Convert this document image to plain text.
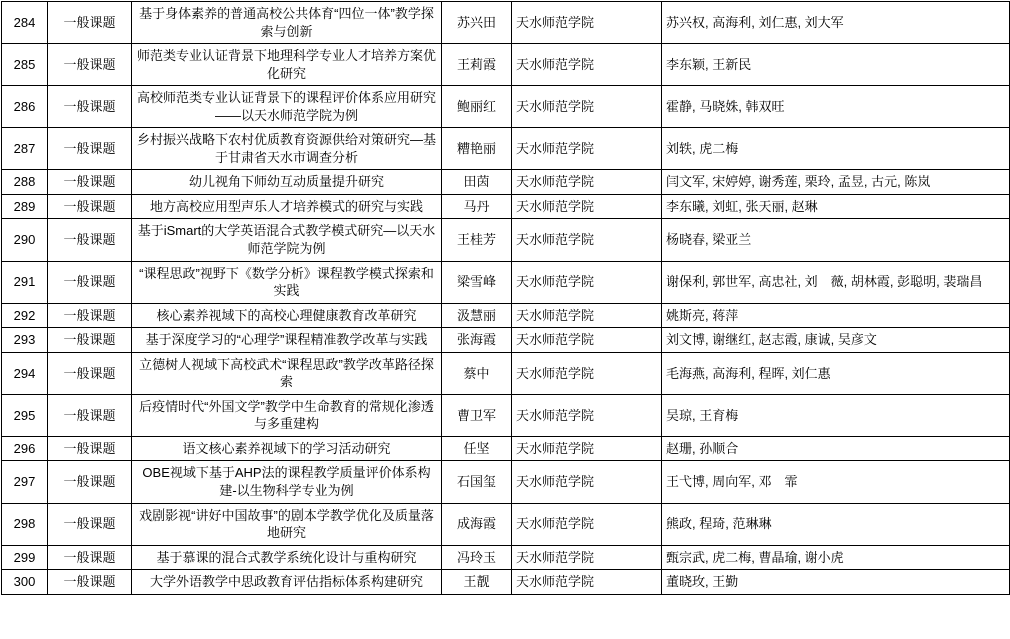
284	一般课题	基于身体素养的普通高校公共体育“四位一体”教学探索与创新	苏兴田	天水师范学院	苏兴权, 高海利, 刘仁惠, 刘大军
285	一般课题	师范类专业认证背景下地理科学专业人才培养方案优化研究	王莉霞	天水师范学院	李东颖, 王新民
286	一般课题	高校师范类专业认证背景下的课程评价体系应用研究——以天水师范学院为例	鲍丽红	天水师范学院	霍静, 马晓姝, 韩双旺
287	一般课题	乡村振兴战略下农村优质教育资源供给对策研究—基于甘肃省天水市调查分析	糟艳丽	天水师范学院	刘轶, 虎二梅
288	一般课题	幼儿视角下师幼互动质量提升研究	田茵	天水师范学院	闫文军, 宋婷婷, 谢秀莲, 栗玲, 孟昱, 古元, 陈岚
289	一般课题	地方高校应用型声乐人才培养模式的研究与实践	马丹	天水师范学院	李东曦, 刘虹, 张天丽, 赵琳
290	一般课题	基于iSmart的大学英语混合式教学模式研究—以天水师范学院为例	王桂芳	天水师范学院	杨晓春, 梁亚兰
291	一般课题	“课程思政”视野下《数学分析》课程教学模式探索和实践	梁雪峰	天水师范学院	谢保利, 郭世军, 高忠社, 刘　薇, 胡林霞, 彭聪明, 裴瑞昌
292	一般课题	核心素养视域下的高校心理健康教育改革研究	汲慧丽	天水师范学院	姚斯亮, 蒋萍
293	一般课题	基于深度学习的“心理学”课程精准教学改革与实践	张海霞	天水师范学院	刘文博, 谢继红, 赵志霞, 康诚, 吴彦文
294	一般课题	立德树人视域下高校武术“课程思政”教学改革路径探索	蔡中	天水师范学院	毛海燕, 高海利, 程晖, 刘仁惠
295	一般课题	后疫情时代“外国文学”教学中生命教育的常规化渗透与多重建构	曹卫军	天水师范学院	吴琼, 王育梅
296	一般课题	语文核心素养视域下的学习活动研究	任坚	天水师范学院	赵珊, 孙顺合
297	一般课题	OBE视域下基于AHP法的课程教学质量评价体系构建-以生物科学专业为例	石国玺	天水师范学院	王弋博, 周向军, 邓　霏
298	一般课题	戏剧影视“讲好中国故事”的剧本学教学优化及质量落地研究	成海霞	天水师范学院	熊政, 程琦, 范琳琳
299	一般课题	基于慕课的混合式教学系统化设计与重构研究	冯玲玉	天水师范学院	甄宗武, 虎二梅, 曹晶瑜, 谢小虎
300	一般课题	大学外语教学中思政教育评估指标体系构建研究	王靓	天水师范学院	董晓玫, 王勤
